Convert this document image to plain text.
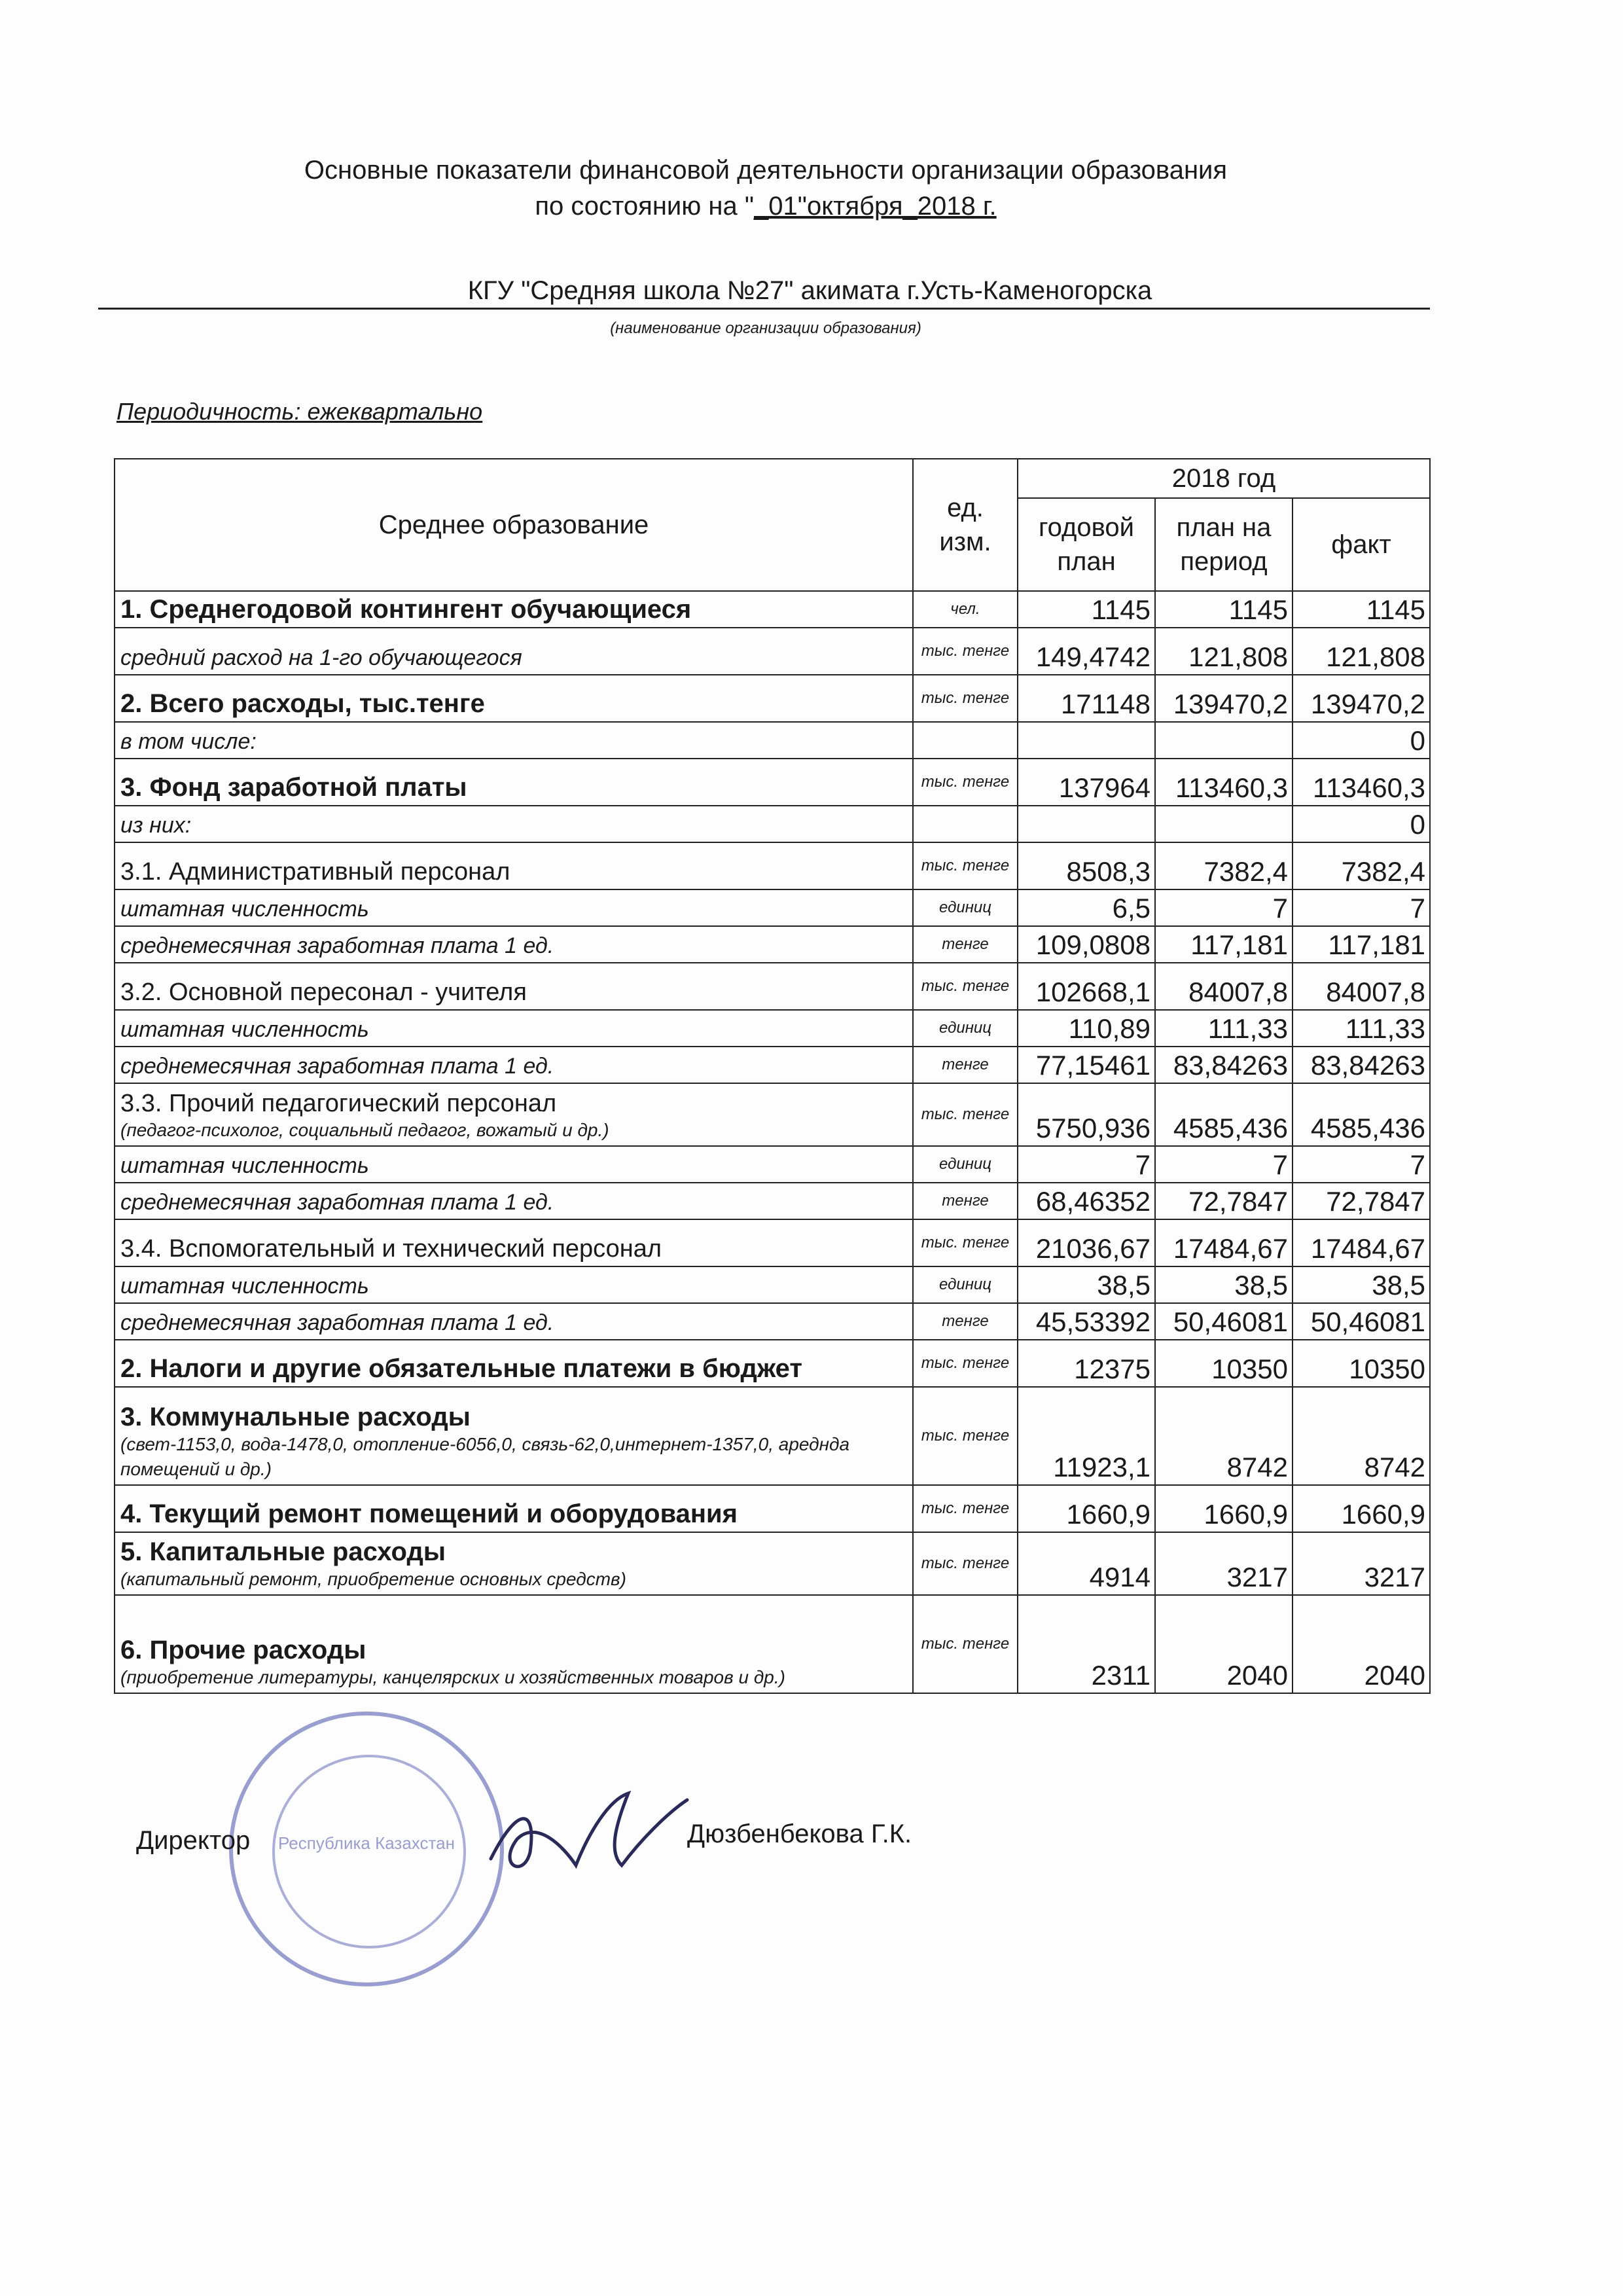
Основные показатели финансовой деятельности организации образования
по состоянию на "_01"октября_2018 г.
КГУ "Средняя школа №27" акимата г.Усть-Каменогорска
(наименование организации образования)
Периодичность: ежеквартально
Среднее образование	ед. изм.	2018 год		
		годовой план	план на период	факт
1. Среднегодовой контингент обучающиеся	чел.	1145	1145	1145
средний расход на 1-го обучающегося	тыс. тенге	149,4742	121,808	121,808
2. Всего расходы, тыс.тенге	тыс. тенге	171148	139470,2	139470,2
в том числе:				0
3. Фонд заработной платы	тыс. тенге	137964	113460,3	113460,3
из них:				0
3.1. Административный персонал	тыс. тенге	8508,3	7382,4	7382,4
штатная численность	единиц	6,5	7	7
среднемесячная заработная плата 1 ед.	тенге	109,0808	117,181	117,181
3.2. Основной пересонал - учителя	тыс. тенге	102668,1	84007,8	84007,8
штатная численность	единиц	110,89	111,33	111,33
среднемесячная заработная плата 1 ед.	тенге	77,15461	83,84263	83,84263
3.3. Прочий педагогический персонал
(педагог-психолог, социальный педагог, вожатый и др.)	тыс. тенге	5750,936	4585,436	4585,436
штатная численность	единиц	7	7	7
среднемесячная заработная плата 1 ед.	тенге	68,46352	72,7847	72,7847
3.4. Вспомогательный и технический персонал	тыс. тенге	21036,67	17484,67	17484,67
штатная численность	единиц	38,5	38,5	38,5
среднемесячная заработная плата 1 ед.	тенге	45,53392	50,46081	50,46081
2. Налоги и другие обязательные платежи в бюджет	тыс. тенге	12375	10350	10350
3. Коммунальные расходы
(свет-1153,0, вода-1478,0, отопление-6056,0, связь-62,0,интернет-1357,0, аредндa помещений и др.)	тыс. тенге	11923,1	8742	8742
4. Текущий ремонт помещений и оборудования	тыс. тенге	1660,9	1660,9	1660,9
5. Капитальные расходы
(капитальный ремонт, приобретение основных средств)	тыс. тенге	4914	3217	3217
6. Прочие расходы
(приобретение литературы, канцелярских и хозяйственных товаров и др.)	тыс. тенге	2311	2040	2040
Республика Казахстан
Директор	Дюзбенбекова Г.К.
